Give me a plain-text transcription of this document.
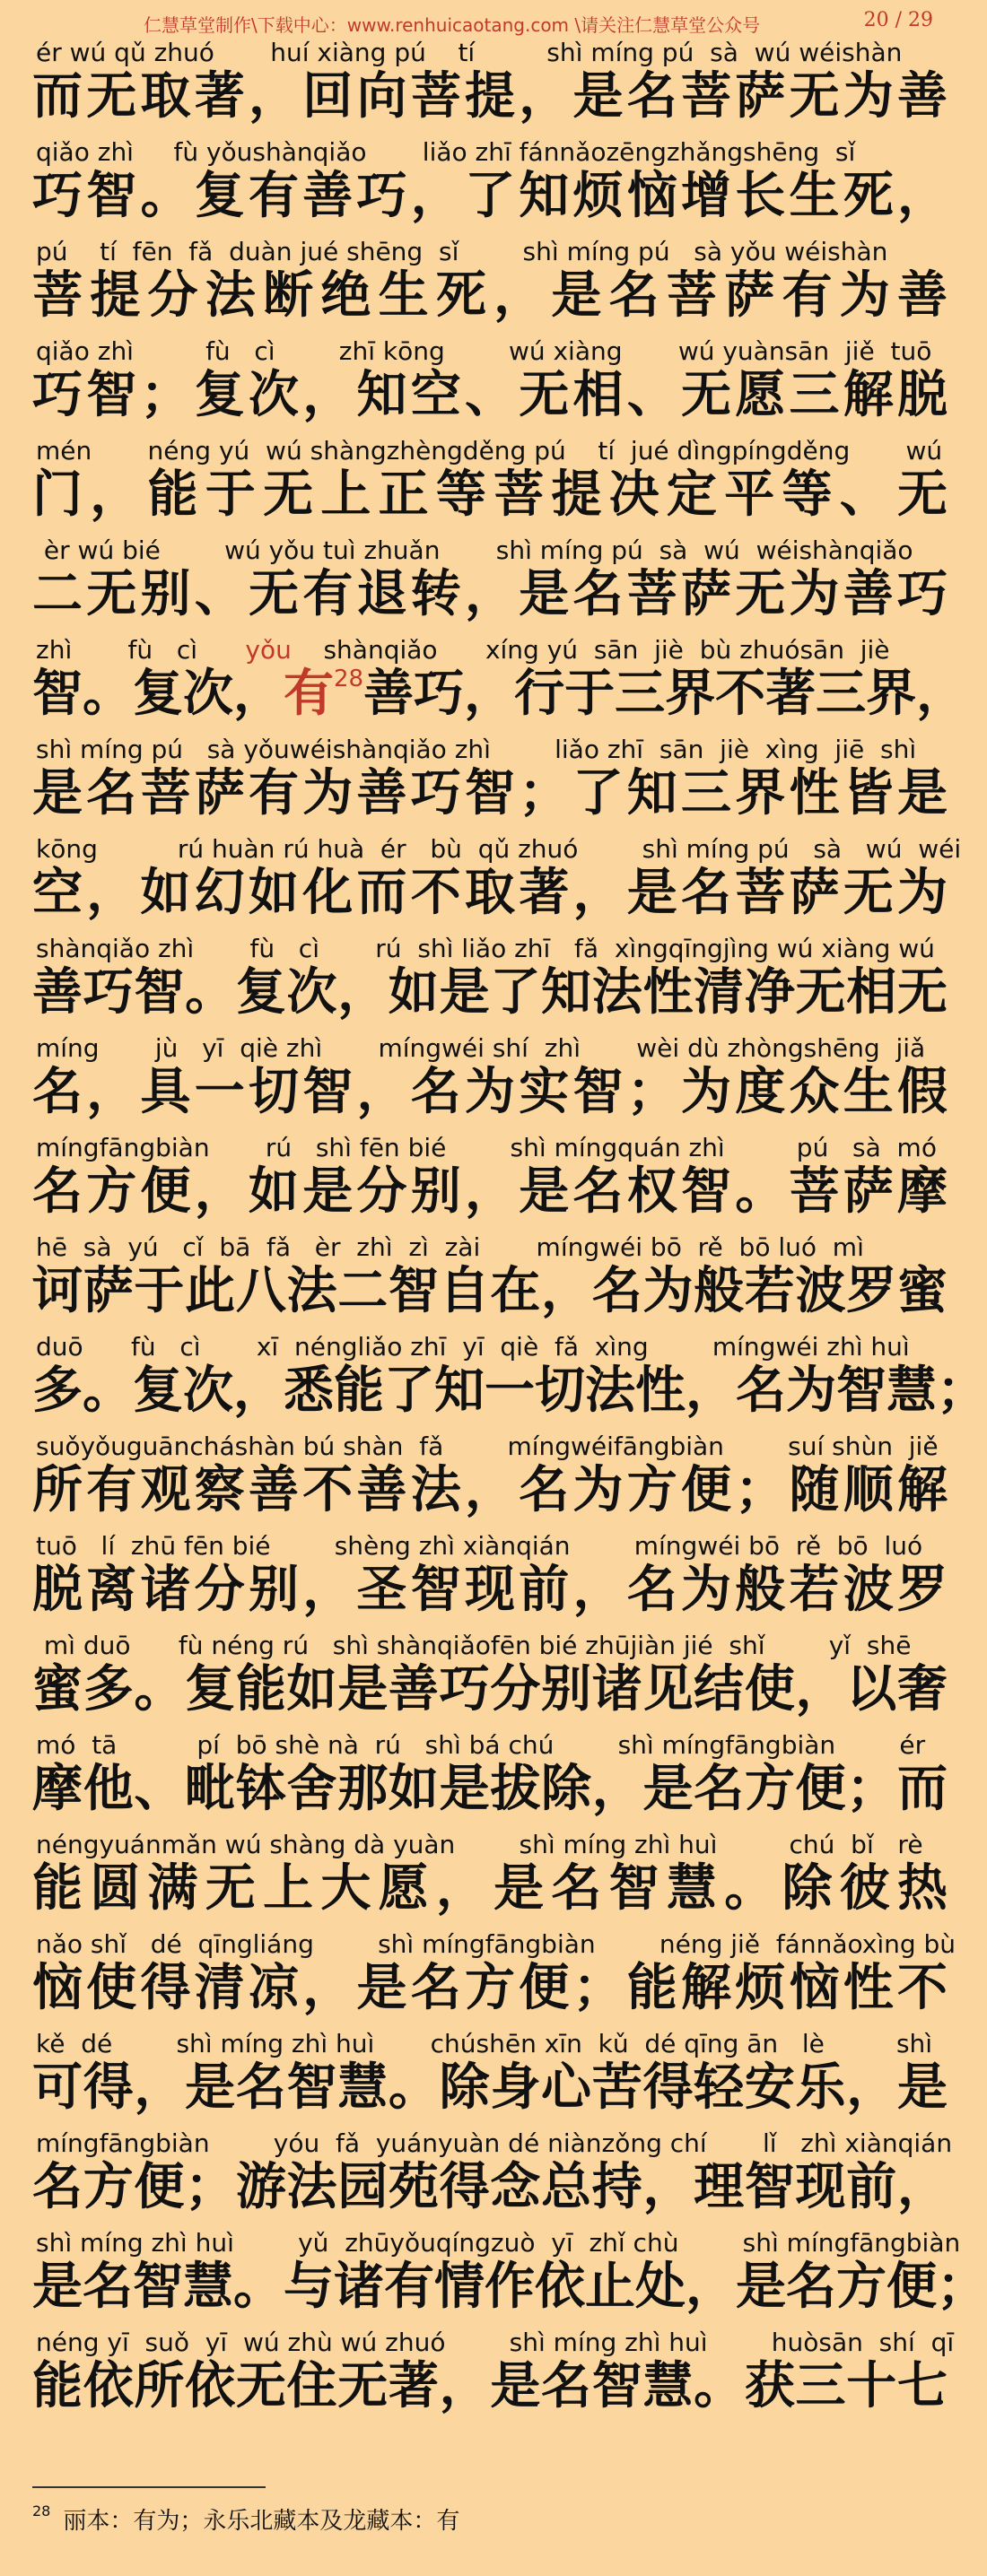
仁慧草堂制作\下载中心：www.renhuicaotang.com \请关注仁慧草堂公众号	20 / 29
ér wú qǔ zhuó       huí xiàng pú    tí         shì míng pú  sà  wú wéishàn
而 无 取 著 ， 回 向 菩 提 ， 是 名 菩 萨 无 为 善
qiǎo zhì     fù yǒushànqiǎo       liǎo zhī fánnǎozēngzhǎngshēng  sǐ
巧 智 。 复 有 善 巧 ， 了 知 烦 恼 增 长 生 死 ，
pú    tí  fēn  fǎ  duàn jué shēng  sǐ        shì míng pú   sà yǒu wéishàn
菩 提 分 法 断 绝 生 死 ， 是 名 菩 萨 有 为 善
qiǎo zhì         fù   cì        zhī kōng        wú xiàng       wú yuànsān  jiě  tuō
巧 智 ； 复 次 ， 知 空 、 无 相 、 无 愿 三 解 脱
mén       néng yú  wú shàngzhèngděng pú    tí  jué dìngpíngděng       wú
门 ， 能 于 无 上 正 等 菩 提 决 定 平 等 、 无
èr wú bié        wú yǒu tuì zhuǎn       shì míng pú  sà  wú  wéishànqiǎo
二 无 别 、 无 有 退 转 ， 是 名 菩 萨 无 为 善 巧
zhì       fù   cì      yǒu    shànqiǎo      xíng yú  sān  jiè  bù zhuósān  jiè
智 。 复 次 ， 有$^{28}$ 善 巧 ， 行 于 三 界 不 著 三 界 ，
shì míng pú   sà yǒuwéishànqiǎo zhì        liǎo zhī  sān  jiè  xìng  jiē  shì
是 名 菩 萨 有 为 善 巧 智 ； 了 知 三 界 性 皆 是
kōng          rú huàn rú huà  ér   bù  qǔ zhuó        shì míng pú   sà   wú  wéi
空 ， 如 幻 如 化 而 不 取 著 ， 是 名 菩 萨 无 为
shànqiǎo zhì       fù   cì       rú  shì liǎo zhī   fǎ  xìngqīngjìng wú xiàng wú
善 巧 智 。 复 次 ， 如 是 了 知 法 性 清 净 无 相 无
míng       jù   yī  qiè zhì       míngwéi shí  zhì       wèi dù zhòngshēng  jiǎ
名 ， 具 一 切 智 ， 名 为 实 智 ； 为 度 众 生 假
míngfāngbiàn       rú   shì fēn bié        shì míngquán zhì         pú   sà  mó
名 方 便 ， 如 是 分 别 ， 是 名 权 智 。 菩 萨 摩
hē  sà  yú   cǐ  bā  fǎ   èr  zhì  zì  zài       míngwéi bō  rě  bō luó  mì
诃 萨 于 此 八 法 二 智 自 在 ， 名 为 般 若 波 罗 蜜
duō      fù   cì       xī  néngliǎo zhī  yī  qiè  fǎ  xìng        míngwéi zhì huì
多 。 复 次 ， 悉 能 了 知 一 切 法 性 ， 名 为 智 慧 ；
suǒyǒuguāncháshàn bú shàn  fǎ        míngwéifāngbiàn        suí shùn  jiě
所 有 观 察 善 不 善 法 ， 名 为 方 便 ； 随 顺 解
tuō   lí  zhū fēn bié        shèng zhì xiànqián        míngwéi bō  rě  bō  luó
脱 离 诸 分 别 ， 圣 智 现 前 ， 名 为 般 若 波 罗
mì duō      fù néng rú   shì shànqiǎofēn bié zhūjiàn jié  shǐ        yǐ  shē
蜜 多 。 复 能 如 是 善 巧 分 别 诸 见 结 使 ， 以 奢
mó  tā          pí  bō shè nà  rú   shì bá chú        shì míngfāngbiàn        ér
摩 他 、 毗 钵 舍 那 如 是 拔 除 ， 是 名 方 便 ； 而
néngyuánmǎn wú shàng dà yuàn        shì míng zhì huì         chú  bǐ   rè
能 圆 满 无 上 大 愿 ， 是 名 智 慧 。 除 彼 热
nǎo shǐ   dé  qīngliáng        shì míngfāngbiàn        néng jiě  fánnǎoxìng bù
恼 使 得 清 凉 ， 是 名 方 便 ； 能 解 烦 恼 性 不
kě  dé        shì míng zhì huì       chúshēn xīn  kǔ  dé qīng ān   lè         shì
可 得 ， 是 名 智 慧 。 除 身 心 苦 得 轻 安 乐 ， 是
míngfāngbiàn        yóu  fǎ  yuányuàn dé niànzǒng chí       lǐ   zhì xiànqián
名 方 便 ； 游 法 园 苑 得 念 总 持 ， 理 智 现 前 ，
shì míng zhì huì        yǔ  zhūyǒuqíngzuò  yī  zhǐ chù        shì míngfāngbiàn
是 名 智 慧 。 与 诸 有 情 作 依 止 处 ， 是 名 方 便 ；
néng yī  suǒ  yī  wú zhù wú zhuó        shì míng zhì huì        huòsān  shí  qī
能 依 所 依 无 住 无 著 ， 是 名 智 慧 。 获 三 十 七
$^{28}$ 丽本：有为；永乐北藏本及龙藏本：有
